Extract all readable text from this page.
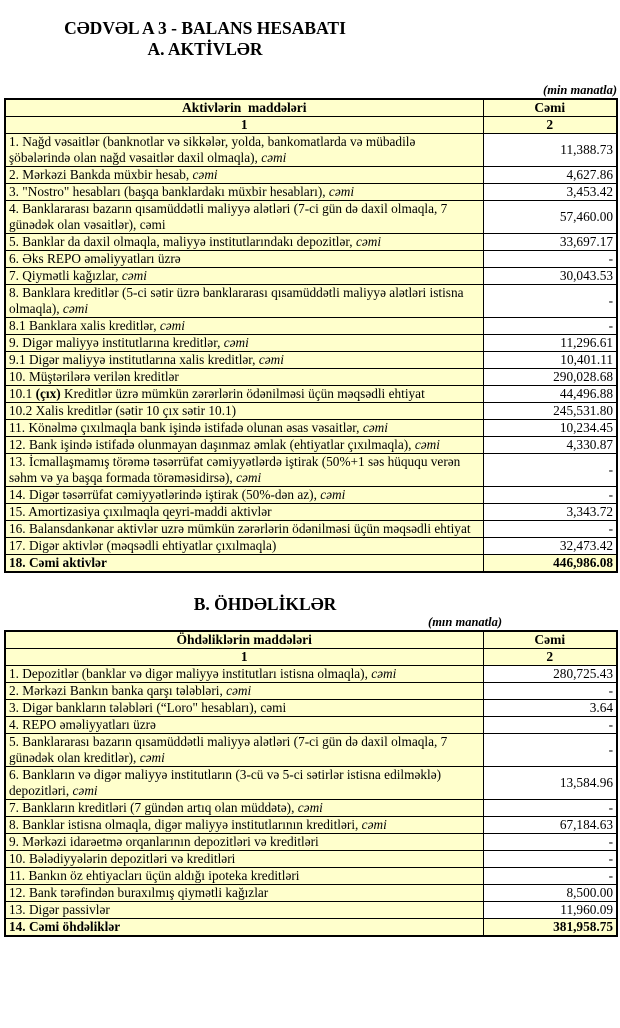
CƏDVƏL A 3 - BALANS HESABATI
A. AKTİVLƏR
(min manatla)
Aktivlərin  maddələri	Cəmi
1	2
1. Nağd vəsaitlər (banknotlar və sikkələr, yolda, bankomatlarda və mübadilə şöbələrində olan nağd vəsaitlər daxil olmaqla), cəmi	11,388.73
2. Mərkəzi Bankda müxbir hesab, cəmi	4,627.86
3. "Nostro" hesabları (başqa banklardakı müxbir hesabları), cəmi	3,453.42
4. Banklararası bazarın qısamüddətli maliyyə alətləri (7-ci gün də daxil olmaqla, 7 günədək olan vəsaitlər), cəmi	57,460.00
5. Banklar da daxil olmaqla, maliyyə institutlarındakı depozitlər, cəmi	33,697.17
6. Əks REPO əməliyyatları üzrə	-
7. Qiymətli kağızlar, cəmi	30,043.53
8. Banklara kreditlər (5-ci sətir üzrə banklararası qısamüddətli maliyyə alətləri istisna olmaqla), cəmi	-
8.1 Banklara xalis kreditlər, cəmi	-
9. Digər maliyyə institutlarına kreditlər, cəmi	11,296.61
9.1 Digər maliyyə institutlarına xalis kreditlər, cəmi	10,401.11
10. Müştərilərə verilən kreditlər	290,028.68
10.1 (çıx) Kreditlər üzrə mümkün zərərlərin ödənilməsi üçün məqsədli ehtiyat	44,496.88
10.2 Xalis kreditlər (sətir 10 çıx sətir 10.1)	245,531.80
11. Könəlmə çıxılmaqla bank işində istifadə olunan əsas vəsaitlər, cəmi	10,234.45
12. Bank işində istifadə olunmayan daşınmaz əmlak (ehtiyatlar çıxılmaqla), cəmi	4,330.87
13. İcmallaşmamış törəmə təsərrüfat cəmiyyətlərdə iştirak (50%+1 səs hüququ verən səhm və ya başqa formada törəməsidirsə), cəmi	-
14. Digər təsərrüfat cəmiyyətlərində iştirak (50%-dən az), cəmi	-
15. Amortizasiya çıxılmaqla qeyri-maddi aktivlər	3,343.72
16. Balansdankənar aktivlər uzrə mümkün zərərlərin ödənilməsi üçün məqsədli ehtiyat	-
17. Digər aktivlər (məqsədli ehtiyatlar çıxılmaqla)	32,473.42
18. Cəmi aktivlər	446,986.08
B. ÖHDƏLİKLƏR
(mın manatla)
Öhdəliklərin maddələri	Cəmi
1	2
1. Depozitlər (banklar və digər maliyyə institutları istisna olmaqla), cəmi	280,725.43
2. Mərkəzi Bankın banka qarşı tələbləri, cəmi	-
3. Digər bankların tələbləri (“Loro" hesabları), cəmi	3.64
4. REPO əməliyyatları üzrə	-
5. Banklararası bazarın qısamüddətli maliyyə alətləri (7-ci gün də daxil olmaqla, 7 günədək olan kreditlər), cəmi	-
6. Bankların və digər maliyyə institutların (3-cü və 5-ci sətirlər istisna edilməklə) depozitləri, cəmi	13,584.96
7. Bankların kreditləri (7 gündən artıq olan müddətə), cəmi	-
8. Banklar istisna olmaqla, digər maliyyə institutlarının kreditləri, cəmi	67,184.63
9. Mərkəzi idarəetmə orqanlarının depozitləri və kreditləri	-
10. Bələdiyyələrin depozitləri və kreditləri	-
11. Bankın öz ehtiyacları üçün aldığı ipoteka kreditləri	-
12. Bank tərəfindən buraxılmış qiymətli kağızlar	8,500.00
13. Digər passivlər	11,960.09
14. Cəmi öhdəliklər	381,958.75
